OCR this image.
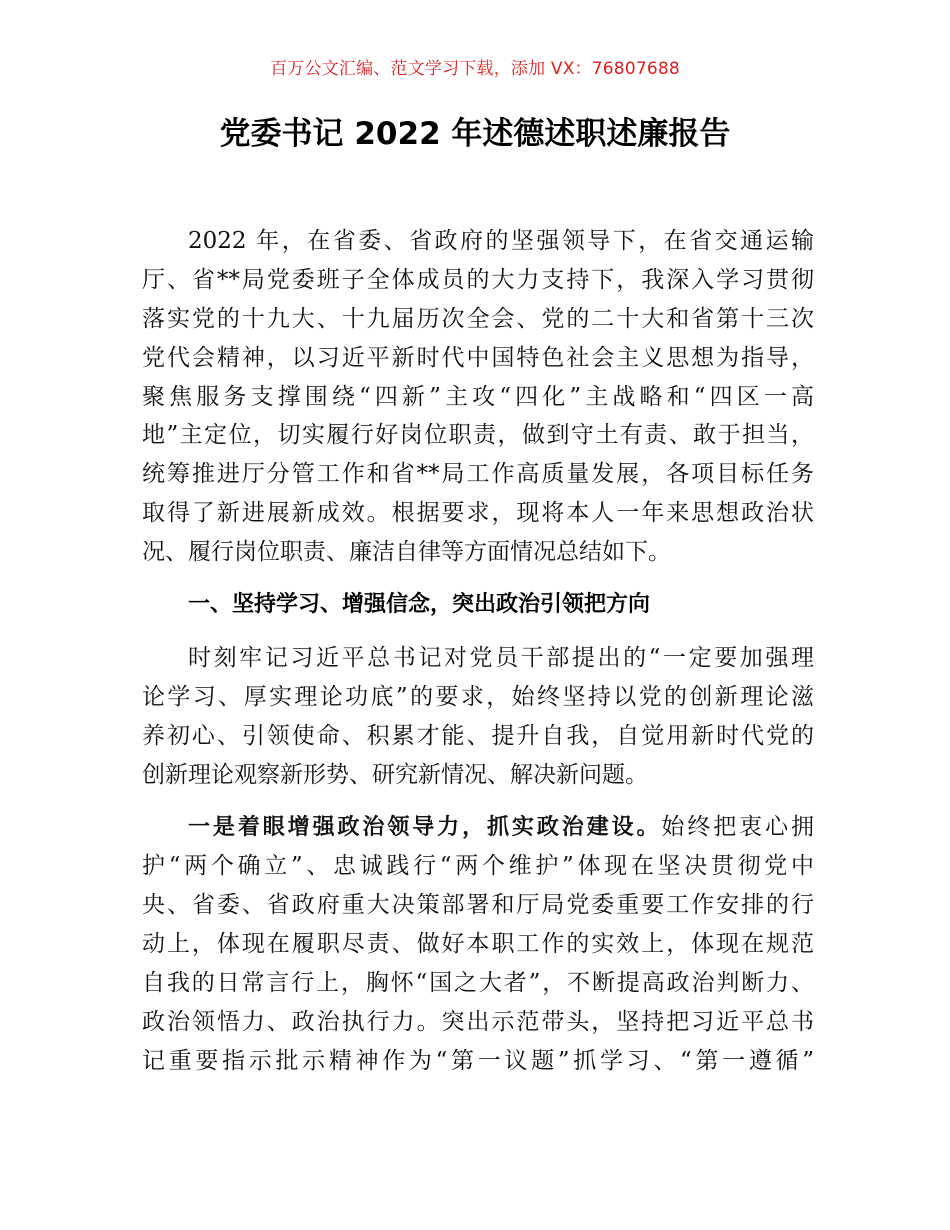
百万公文汇编、范文学习下载，添加 VX：76807688
党委书记 2022 年述德述职述廉报告
2022 年，在省委、省政府的坚强领导下，在省交通运输
厅、省**局党委班子全体成员的大力支持下，我深入学习贯彻
落实党的十九大、十九届历次全会、党的二十大和省第十三次
党代会精神，以习近平新时代中国特色社会主义思想为指导，
聚焦服务支撑围绕“四新”主攻“四化”主战略和“四区一高
地”主定位，切实履行好岗位职责，做到守土有责、敢于担当，
统筹推进厅分管工作和省**局工作高质量发展，各项目标任务
取得了新进展新成效。根据要求，现将本人一年来思想政治状
况、履行岗位职责、廉洁自律等方面情况总结如下。
一、坚持学习、增强信念，突出政治引领把方向
时刻牢记习近平总书记对党员干部提出的“一定要加强理
论学习、厚实理论功底”的要求，始终坚持以党的创新理论滋
养初心、引领使命、积累才能、提升自我，自觉用新时代党的
创新理论观察新形势、研究新情况、解决新问题。
一是着眼增强政治领导力，抓实政治建设。始终把衷心拥
护“两个确立”、忠诚践行“两个维护”体现在坚决贯彻党中
央、省委、省政府重大决策部署和厅局党委重要工作安排的行
动上，体现在履职尽责、做好本职工作的实效上，体现在规范
自我的日常言行上，胸怀“国之大者”，不断提高政治判断力、
政治领悟力、政治执行力。突出示范带头，坚持把习近平总书
记重要指示批示精神作为“第一议题”抓学习、“第一遵循”
